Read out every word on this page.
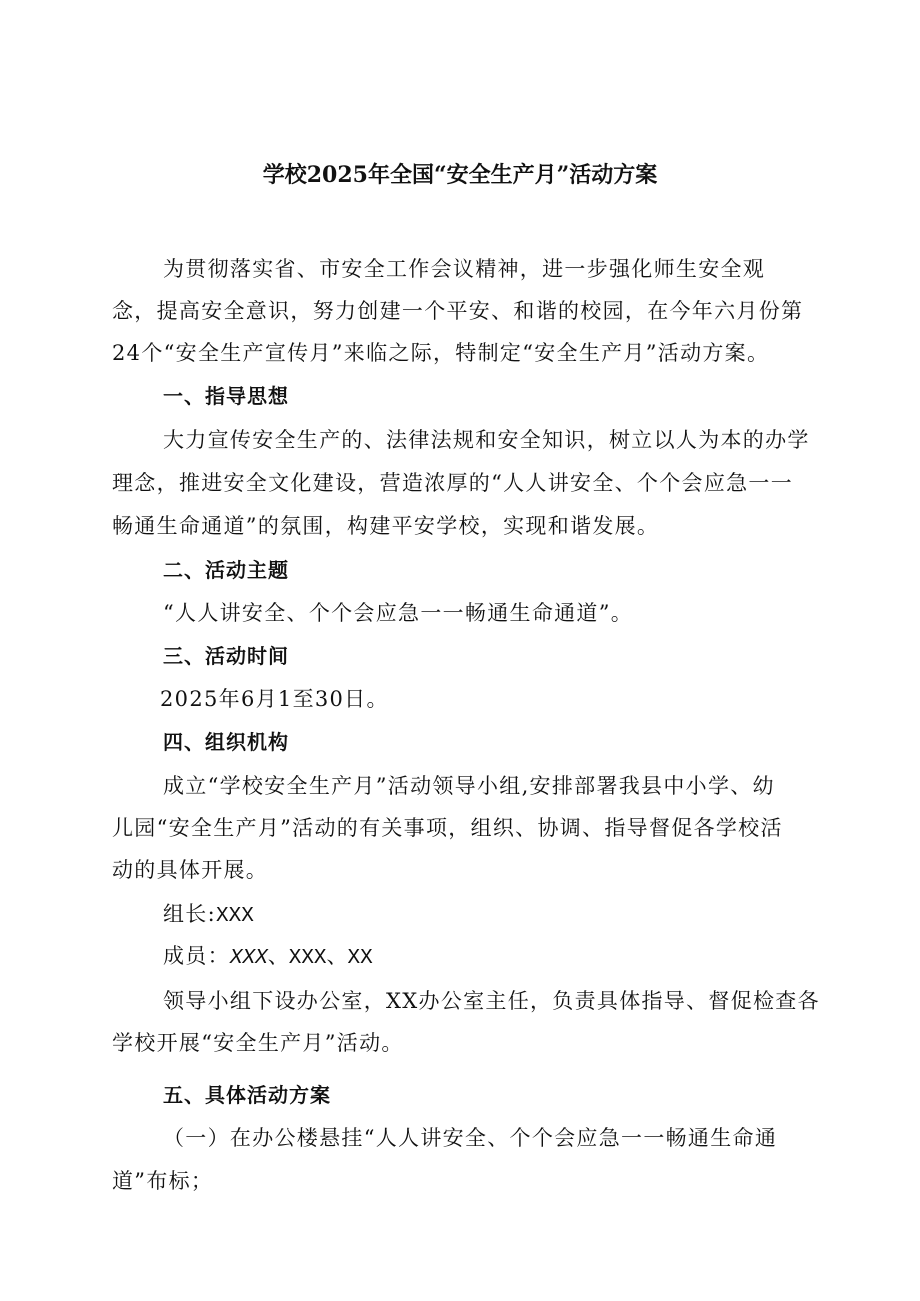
学校2025年全国“安全生产月”活动方案
为贯彻落实省、市安全工作会议精神，进一步强化师生安全观
念，提高安全意识，努力创建一个平安、和谐的校园，在今年六月份第
24个“安全生产宣传月”来临之际，特制定“安全生产月”活动方案。
一、指导思想
大力宣传安全生产的、法律法规和安全知识，树立以人为本的办学
理念，推进安全文化建设，营造浓厚的“人人讲安全、个个会应急一一
畅通生命通道”的氛围，构建平安学校，实现和谐发展。
二、活动主题
“人人讲安全、个个会应急一一畅通生命通道”。
三、活动时间
2025年6月1至30日。
四、组织机构
成立“学校安全生产月”活动领导小组,安排部署我县中小学、幼
儿园“安全生产月”活动的有关事项，组织、协调、指导督促各学校活
动的具体开展。
组长:XXX
成员：XXX、XXX、XX
领导小组下设办公室，XX办公室主任，负责具体指导、督促检查各
学校开展“安全生产月”活动。
五、具体活动方案
（一）在办公楼悬挂“人人讲安全、个个会应急一一畅通生命通
道”布标；
